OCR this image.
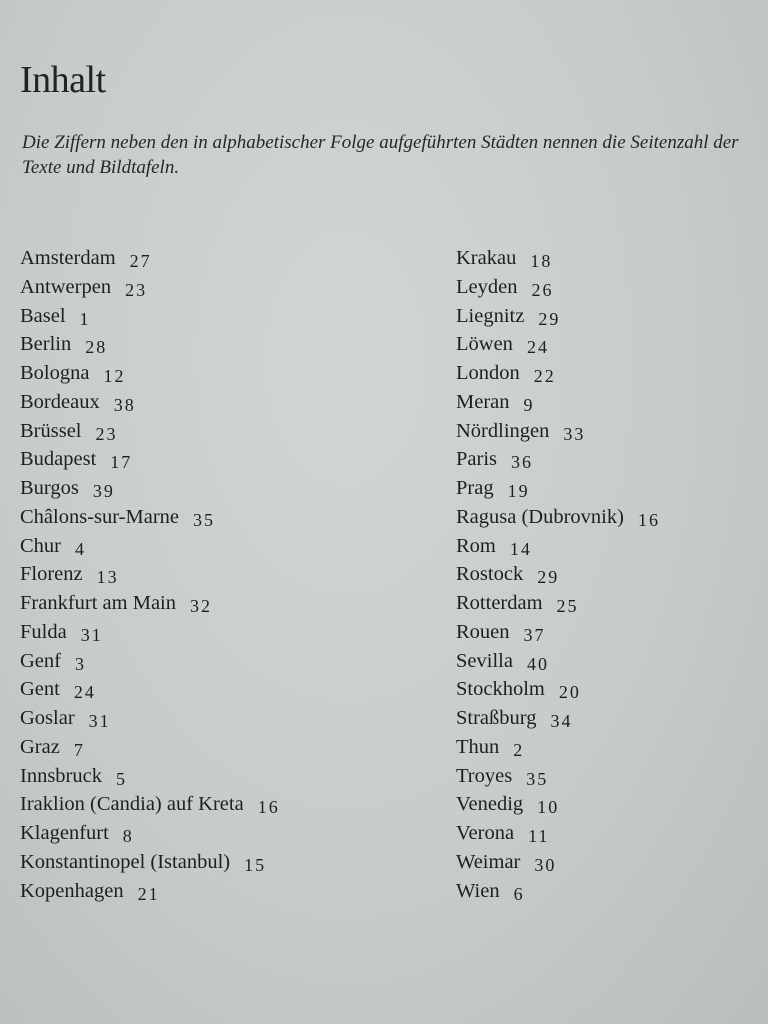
Inhalt

Die Ziffern neben den in alphabetischer Folge aufgeführten Städten nennen die Seitenzahl der Texte und Bildtafeln.

Amsterdam 27
Antwerpen 23
Basel 1
Berlin 28
Bologna 12
Bordeaux 38
Brüssel 23
Budapest 17
Burgos 39
Châlons-sur-Marne 35
Chur 4
Florenz 13
Frankfurt am Main 32
Fulda 31
Genf 3
Gent 24
Goslar 31
Graz 7
Innsbruck 5
Iraklion (Candia) auf Kreta 16
Klagenfurt 8
Konstantinopel (Istanbul) 15
Kopenhagen 21
Krakau 18
Leyden 26
Liegnitz 29
Löwen 24
London 22
Meran 9
Nördlingen 33
Paris 36
Prag 19
Ragusa (Dubrovnik) 16
Rom 14
Rostock 29
Rotterdam 25
Rouen 37
Sevilla 40
Stockholm 20
Straßburg 34
Thun 2
Troyes 35
Venedig 10
Verona 11
Weimar 30
Wien 6
